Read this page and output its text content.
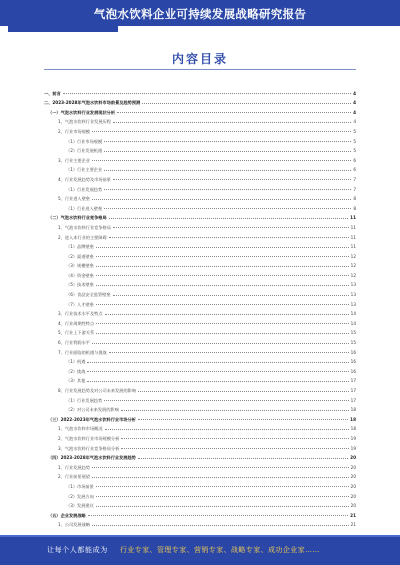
气泡水饮料企业可持续发展战略研究报告
内容目录
一、前言	4
二、2023-2028年气泡水饮料市场前景及趋势预测	4
（一）气泡水饮料行业发展现状分析	4
1、气泡水饮料行业发展历程	4
2、行业市场规模	5
（1）行业市场规模	5
（2）行业发展机遇	5
3、行业主要企业	6
（1）行业主要企业	6
4、行业发展趋势及市场前景	7
（1）行业发展趋势	7
5、行业进入壁垒	8
（1）行业进入壁垒	8
（二）气泡水饮料行业竞争格局	11
1、气泡水饮料行业竞争格局	11
2、进入本行业的主要障碍	11
（1）品牌壁垒	11
（2）渠道壁垒	12
（3）规模壁垒	12
（4）资金壁垒	12
（5）技术壁垒	13
（6）食品安全监管壁垒	13
（7）人才壁垒	13
3、行业技术水平及特点	14
4、行业周期性特点	14
5、行业上下游关系	15
6、行业利润水平	15
7、行业面临的机遇与挑战	16
（1）机遇	16
（2）挑战	16
（3）其他	17
8、行业发展趋势及对公司未来发展的影响	17
（1）行业发展趋势	17
（2）对公司未来发展的影响	18
（三）2022-2023年气泡水饮料行业市场分析	18
1、气泡水饮料市场概况	18
2、气泡水饮料行业市场规模分析	19
3、气泡水饮料行业竞争格局分析	19
（四）2023-2028年气泡水饮料行业发展趋势	20
1、行业发展趋势	20
2、行业前景展望	20
（1）市场前景	20
（2）发展方向	20
（3）发展建议	20
（五）企业发展战略	21
1、公司发展战略	21
让每个人都能成为 行业专家、管理专家、营销专家、战略专家、成功企业家……
